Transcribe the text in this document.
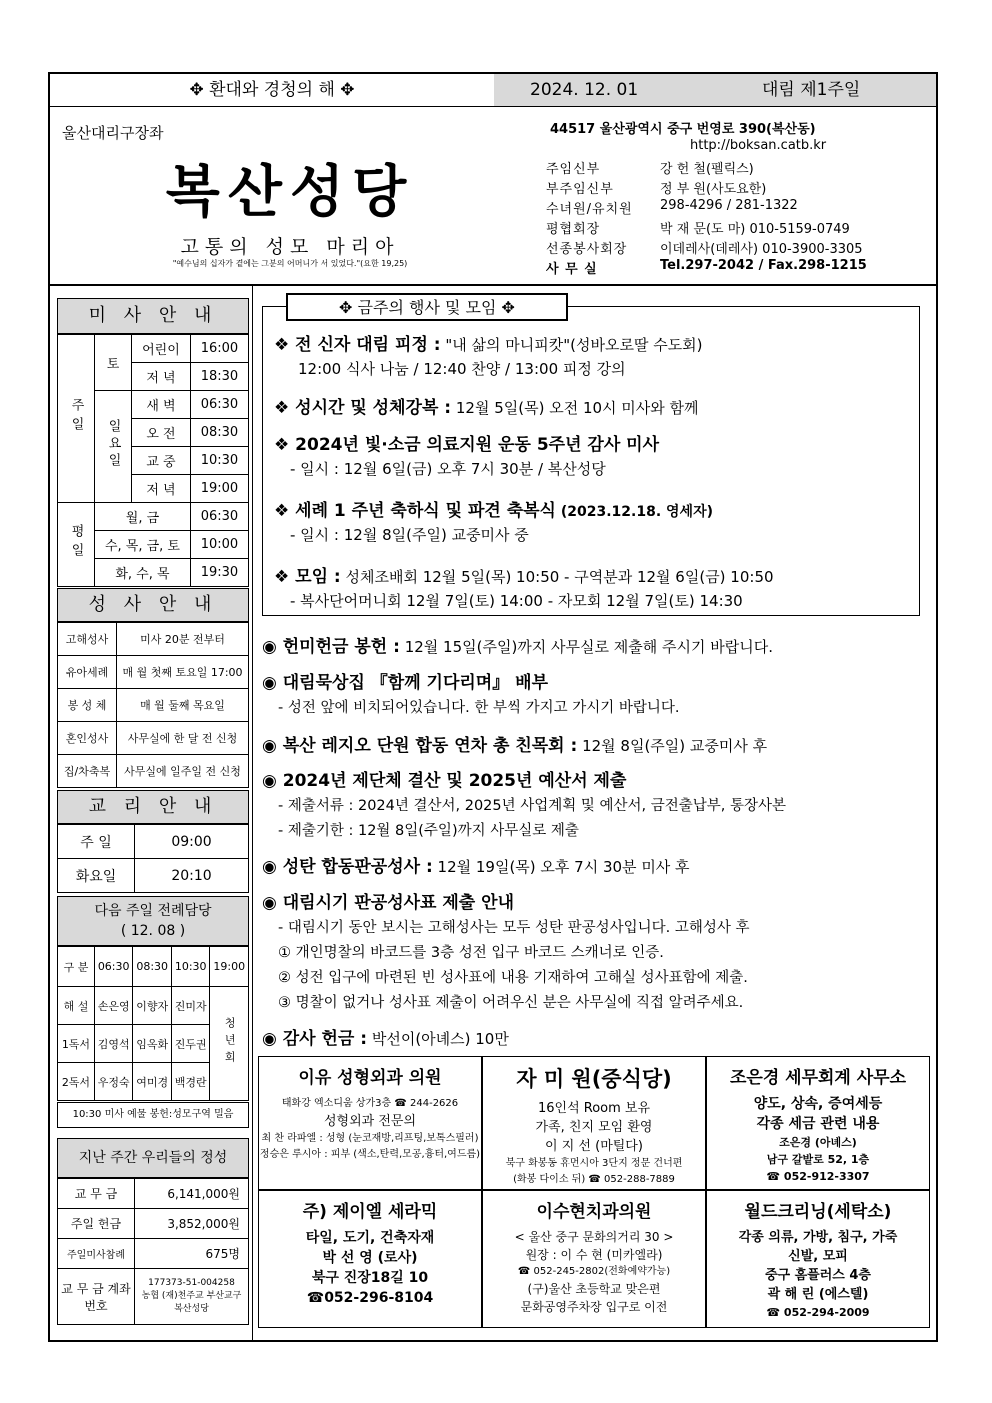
✥ 환대와 경청의 해 ✥	2024. 12. 01	대림 제1주일
울산대리구장좌
복산성당
고통의 성모 마리아
"예수님의 십자가 곁에는 그분의 어머니가 서 있었다."(요한 19,25)
44517 울산광역시 중구 번영로 390(복산동)
http://boksan.catb.kr
주임신부	강 헌 철(펠릭스)
부주임신부	정 부 원(사도요한)
수녀원/유치원	298-4296 / 281-1322
평협회장	박 재 문(도 마) 010-5159-0749
선종봉사회장	이데레사(데레사) 010-3900-3305
사 무 실	Tel.297-2042 / Fax.298-1215
미 사 안 내
주일	토	어린이	16:00
		저 녁	18:30
	일요일	새 벽	06:30
		오 전	08:30
		교 중	10:30
		저 녁	19:00
평일	월, 금		06:30
	수, 목, 금, 토		10:00
	화, 수, 목		19:30
성 사 안 내
고해성사	미사 20분 전부터
유아세례	매 월 첫째 토요일 17:00
봉 성 체	매 월 둘째 목요일
혼인성사	사무실에 한 달 전 신청
집/차축복	사무실에 일주일 전 신청
교 리 안 내
주 일	09:00
화요일	20:10
다음 주일 전례담당
( 12. 08 )
구 분	06:30	08:30	10:30	19:00
해 설	손은영	이향자	진미자	청년회
1독서	김영석	임옥화	진두권	
2독서	우정숙	여미경	백경란	
10:30 미사 예물 봉헌:성모구역 밀음
지난 주간 우리들의 정성
교 무 금	6,141,000원
주일 헌금	3,852,000원
주일미사참례	675명
교 무 금 계좌번호	177373-51-004258
농협 (재)천주교 부산교구
복산성당
✥ 금주의 행사 및 모임 ✥
❖ 전 신자 대림 피정 : "내 삶의 마니피캇"(성바오로딸 수도회)
12:00 식사 나눔 / 12:40 찬양 / 13:00 피정 강의
❖ 성시간 및 성체강복 : 12월 5일(목) 오전 10시 미사와 함께
❖ 2024년 빛·소금 의료지원 운동 5주년 감사 미사
- 일시 : 12월 6일(금) 오후 7시 30분 / 복산성당
❖ 세례 1 주년 축하식 및 파견 축복식 (2023.12.18. 영세자)
- 일시 : 12월 8일(주일) 교중미사 중
❖ 모임 : 성체조배회 12월 5일(목) 10:50 - 구역분과 12월 6일(금) 10:50
- 복사단어머니회 12월 7일(토) 14:00 - 자모회 12월 7일(토) 14:30
◉ 헌미헌금 봉헌 : 12월 15일(주일)까지 사무실로 제출해 주시기 바랍니다.
◉ 대림묵상집 『함께 기다리며』 배부
- 성전 앞에 비치되어있습니다. 한 부씩 가지고 가시기 바랍니다.
◉ 복산 레지오 단원 합동 연차 총 친목회 : 12월 8일(주일) 교중미사 후
◉ 2024년 제단체 결산 및 2025년 예산서 제출
- 제출서류 : 2024년 결산서, 2025년 사업계획 및 예산서, 금전출납부, 통장사본
- 제출기한 : 12월 8일(주일)까지 사무실로 제출
◉ 성탄 합동판공성사 : 12월 19일(목) 오후 7시 30분 미사 후
◉ 대림시기 판공성사표 제출 안내
- 대림시기 동안 보시는 고해성사는 모두 성탄 판공성사입니다. 고해성사 후
① 개인명찰의 바코드를 3층 성전 입구 바코드 스캐너로 인증.
② 성전 입구에 마련된 빈 성사표에 내용 기재하여 고해실 성사표함에 제출.
③ 명찰이 없거나 성사표 제출이 어려우신 분은 사무실에 직접 알려주세요.
◉ 감사 헌금 : 박선이(아녜스) 10만
이유 성형외과 의원
태화강 엑소디움 상가3층 ☎ 244-2626
성형외과 전문의
최 찬 라파엘 : 성형 (눈코재방,리프팅,보톡스필러)
정승은 루시아 : 피부 (색소,탄력,모공,흉터,여드름)
자 미 원(중식당)
16인석 Room 보유
가족, 친지 모임 환영
이 지 선 (마틸다)
북구 화봉동 휴먼시아 3단지 정문 건너편
(화봉 다이소 뒤) ☎ 052-288-7889
조은경 세무회계 사무소
양도, 상속, 증여세등
각종 세금 관련 내용
조은경 (아녜스)
남구 갈밭로 52, 1층
☎ 052-912-3307
주) 제이엘 세라믹
타일, 도기, 건축자재
박 선 영 (로사)
북구 진장18길 10
☎052-296-8104
이수현치과의원
< 울산 중구 문화의거리 30 >
원장 : 이 수 현 (미카엘라)
☎ 052-245-2802(전화예약가능)
(구)울산 초등학교 맞은편
문화공영주차장 입구로 이전
월드크리닝(세탁소)
각종 의류, 가방, 침구, 가죽
신발, 모피
중구 홈플러스 4층
곽 해 린 (에스텔)
☎ 052-294-2009
